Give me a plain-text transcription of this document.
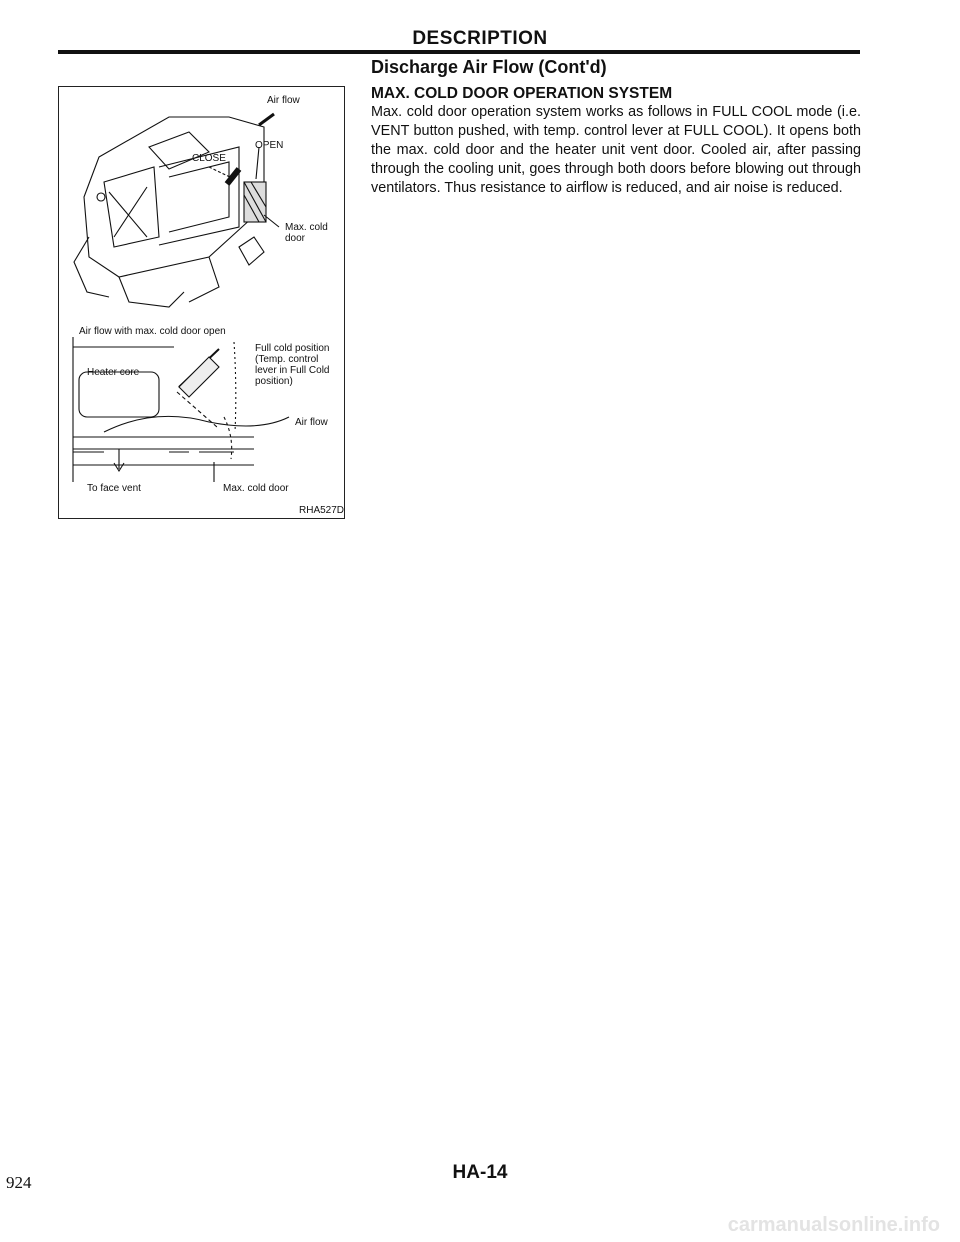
DESCRIPTION
Air flow
OPEN
CLOSE
Max. cold door
Air flow with max. cold door open
Heater core
Full cold position (Temp. control lever in Full Cold position)
Air flow
To face vent	Max. cold door
RHA527D
Discharge Air Flow (Cont'd)
MAX. COLD DOOR OPERATION SYSTEM
Max. cold door operation system works as follows in FULL COOL mode (i.e. VENT button pushed, with temp. control lever at FULL COOL). It opens both the max. cold door and the heater unit vent door. Cooled air, after passing through the cooling unit, goes through both doors before blowing out through ventilators. Thus resistance to airflow is reduced, and air noise is reduced.
924	HA-14
carmanualsonline.info
